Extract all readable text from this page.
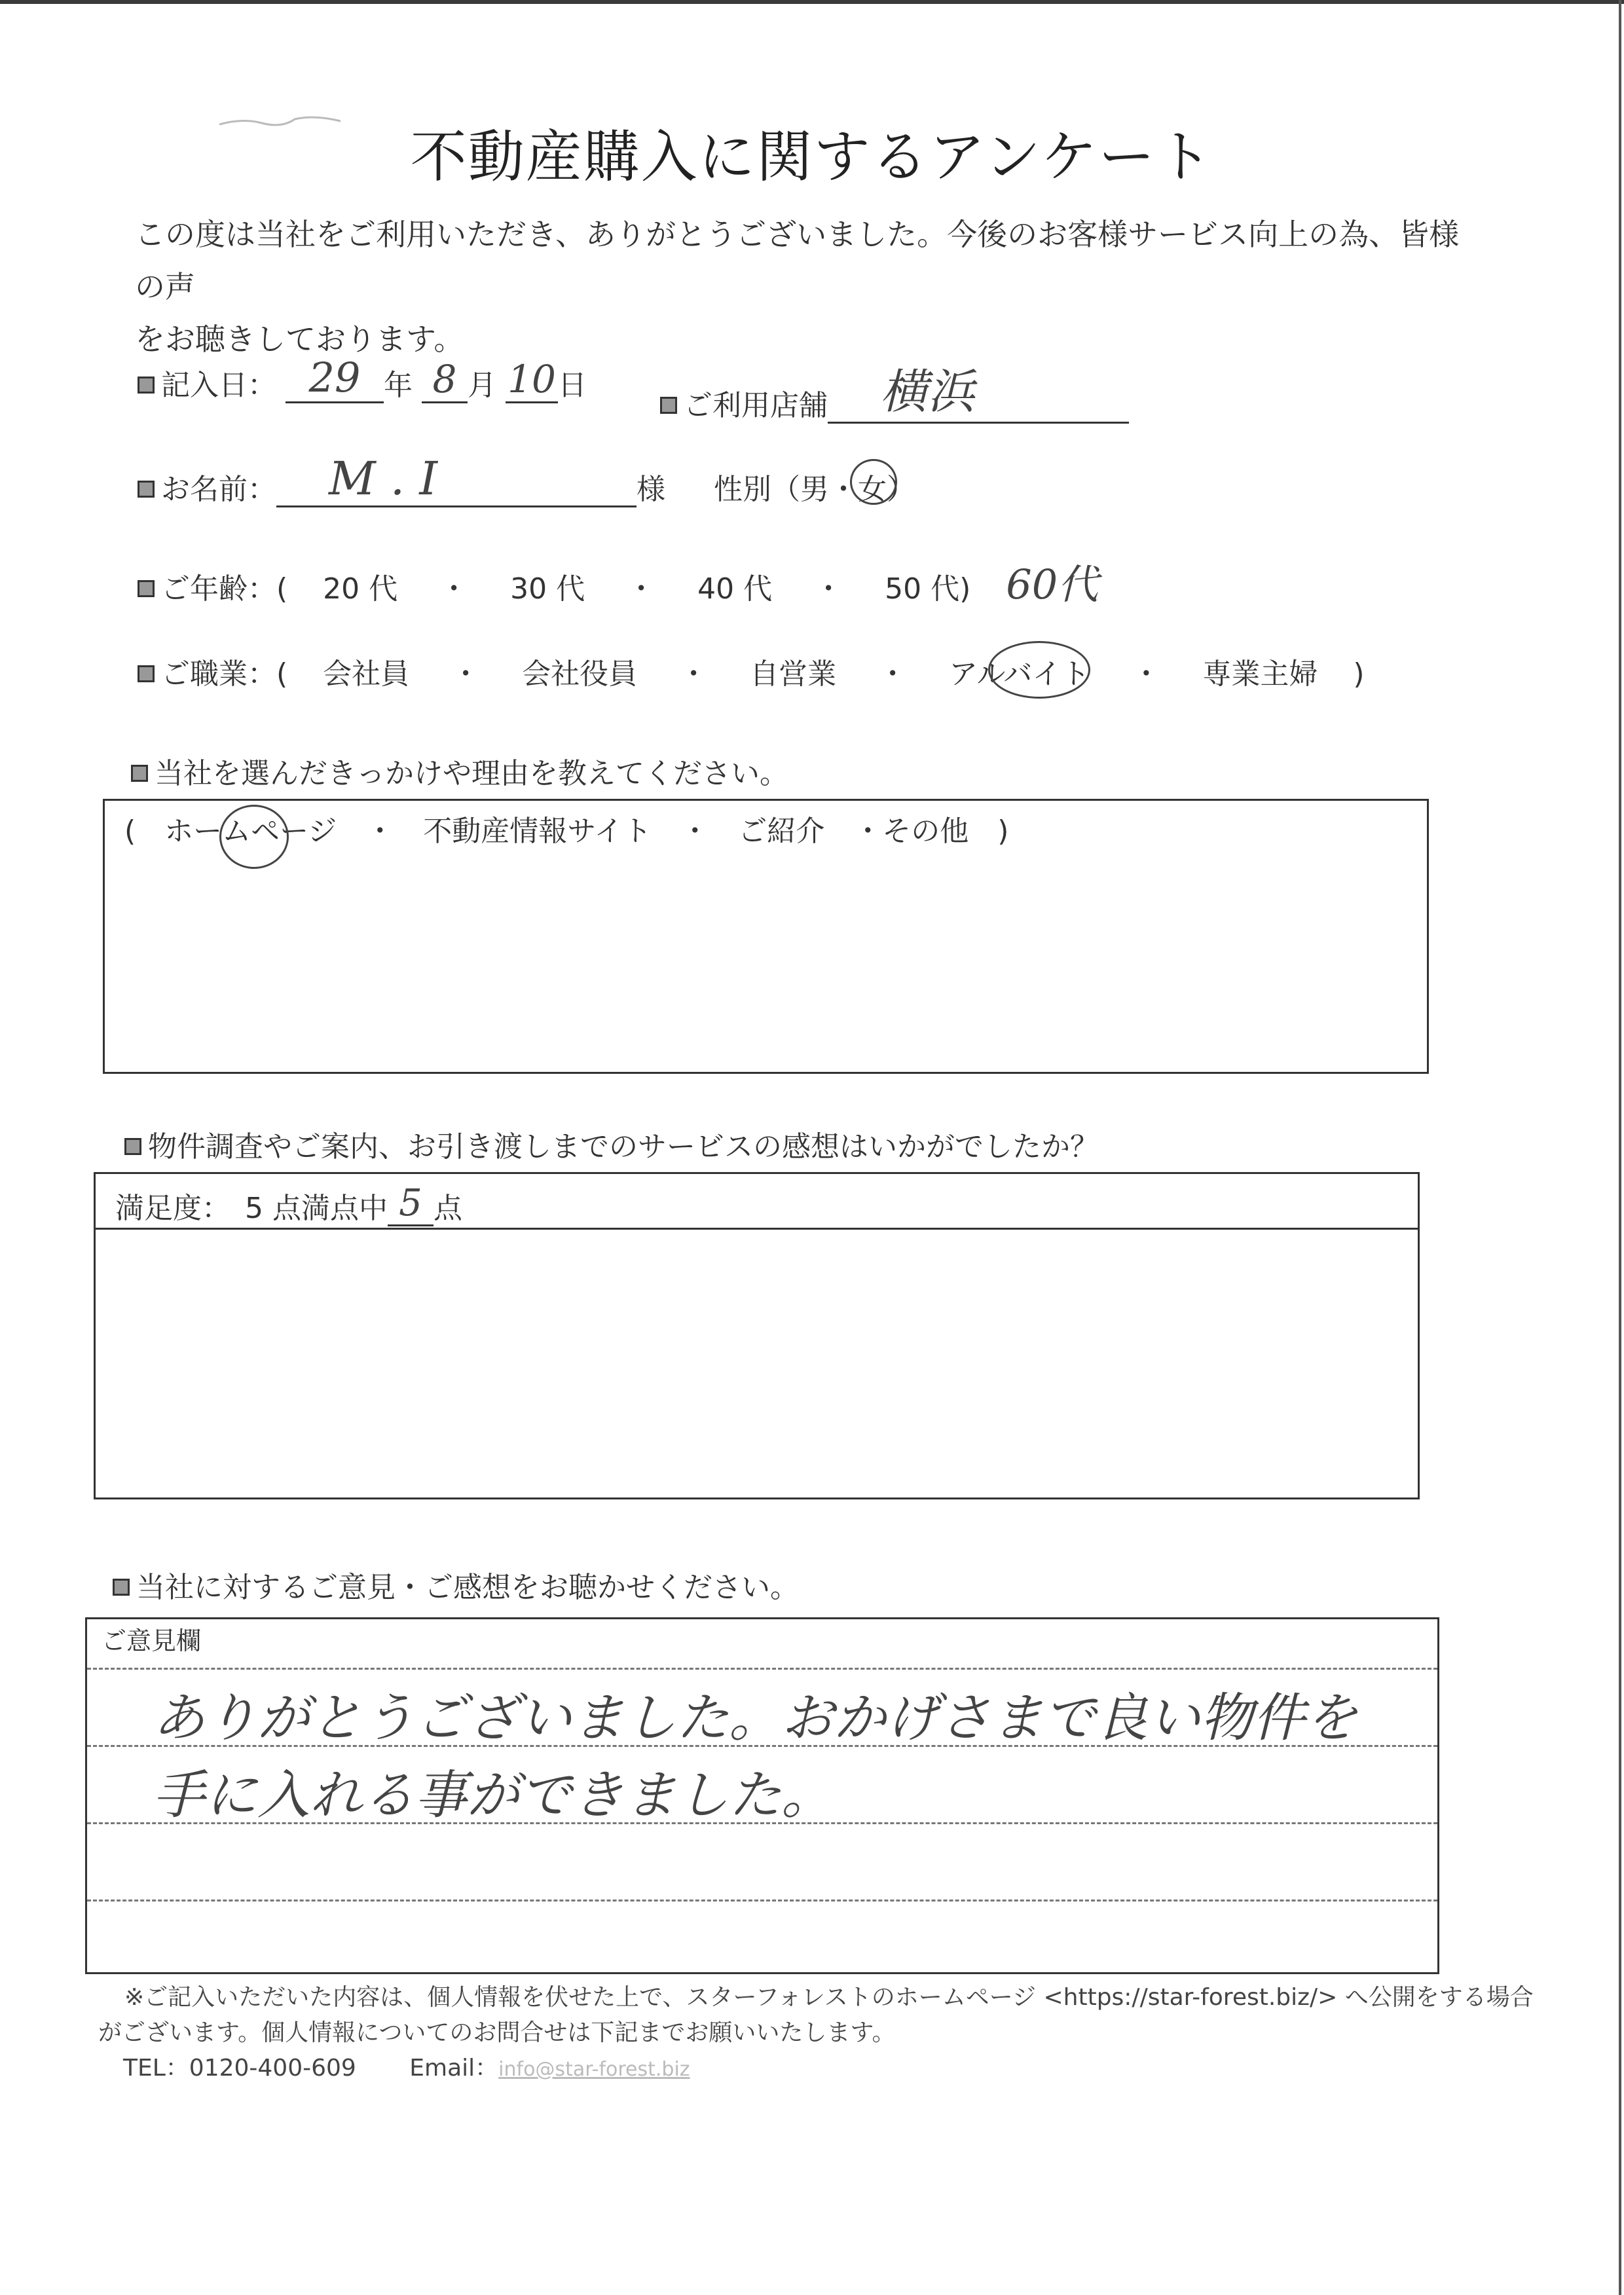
不動産購入に関するアンケート
この度は当社をご利用いただき、ありがとうございました。今後のお客様サービス向上の為、皆様の声
をお聴きしております。
記入日： 29 年 8 月 10日
ご利用店舗 横浜
お名前： M . I	様 性別（男・女
）
ご年齢：( 20 代 ・ 30 代 ・ 40 代 ・ 50 代) 60代
ご職業：( 会社員 ・ 会社役員 ・ 自営業 ・ アルバイト ・ 専業主婦 )
当社を選んだきっかけや理由を教えてください。
(　ホームページ　・　不動産情報サイト　・　ご紹介　・その他　)
物件調査やご案内、お引き渡しまでのサービスの感想はいかがでしたか？
満足度：　5 点満点中 5 点
当社に対するご意見・ご感想をお聴かせください。
ご意見欄
ありがとうございました。おかげさまで良い物件を
手に入れる事ができました。
※ご記入いただいた内容は、個人情報を伏せた上で、スターフォレストのホームページ <https://star-forest.biz/> へ公開をする場合
がございます。個人情報についてのお問合せは下記までお願いいたします。
TEL：0120-400-609 Email：info@star-forest.biz
